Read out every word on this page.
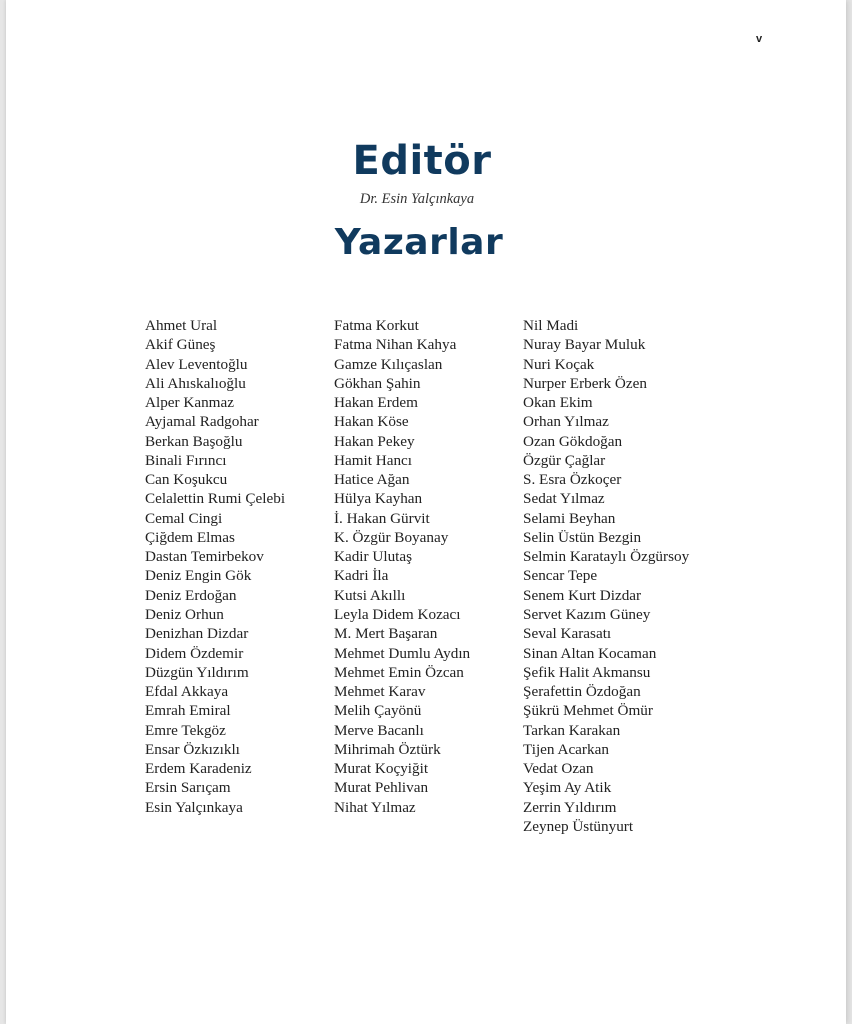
v
Editör
Dr. Esin Yalçınkaya
Yazarlar
Ahmet Ural
Akif Güneş
Alev Leventoğlu
Ali Ahıskalıoğlu
Alper Kanmaz
Ayjamal Radgohar
Berkan Başoğlu
Binali Fırıncı
Can Koşukcu
Celalettin Rumi Çelebi
Cemal Cingi
Çiğdem Elmas
Dastan Temirbekov
Deniz Engin Gök
Deniz Erdoğan
Deniz Orhun
Denizhan Dizdar
Didem Özdemir
Düzgün Yıldırım
Efdal Akkaya
Emrah Emiral
Emre Tekgöz
Ensar Özkızıklı
Erdem Karadeniz
Ersin Sarıçam
Esin Yalçınkaya
Fatma Korkut
Fatma Nihan Kahya
Gamze Kılıçaslan
Gökhan Şahin
Hakan Erdem
Hakan Köse
Hakan Pekey
Hamit Hancı
Hatice Ağan
Hülya Kayhan
İ. Hakan Gürvit
K. Özgür Boyanay
Kadir Ulutaş
Kadri İla
Kutsi Akıllı
Leyla Didem Kozacı
M. Mert Başaran
Mehmet Dumlu Aydın
Mehmet Emin Özcan
Mehmet Karav
Melih Çayönü
Merve Bacanlı
Mihrimah Öztürk
Murat Koçyiğit
Murat Pehlivan
Nihat Yılmaz
Nil Madi
Nuray Bayar Muluk
Nuri Koçak
Nurper Erberk Özen
Okan Ekim
Orhan Yılmaz
Ozan Gökdoğan
Özgür Çağlar
S. Esra Özkoçer
Sedat Yılmaz
Selami Beyhan
Selin Üstün Bezgin
Selmin Karataylı Özgürsoy
Sencar Tepe
Senem Kurt Dizdar
Servet Kazım Güney
Seval Karasatı
Sinan Altan Kocaman
Şefik Halit Akmansu
Şerafettin Özdoğan
Şükrü Mehmet Ömür
Tarkan Karakan
Tijen Acarkan
Vedat Ozan
Yeşim Ay Atik
Zerrin Yıldırım
Zeynep Üstünyurt
